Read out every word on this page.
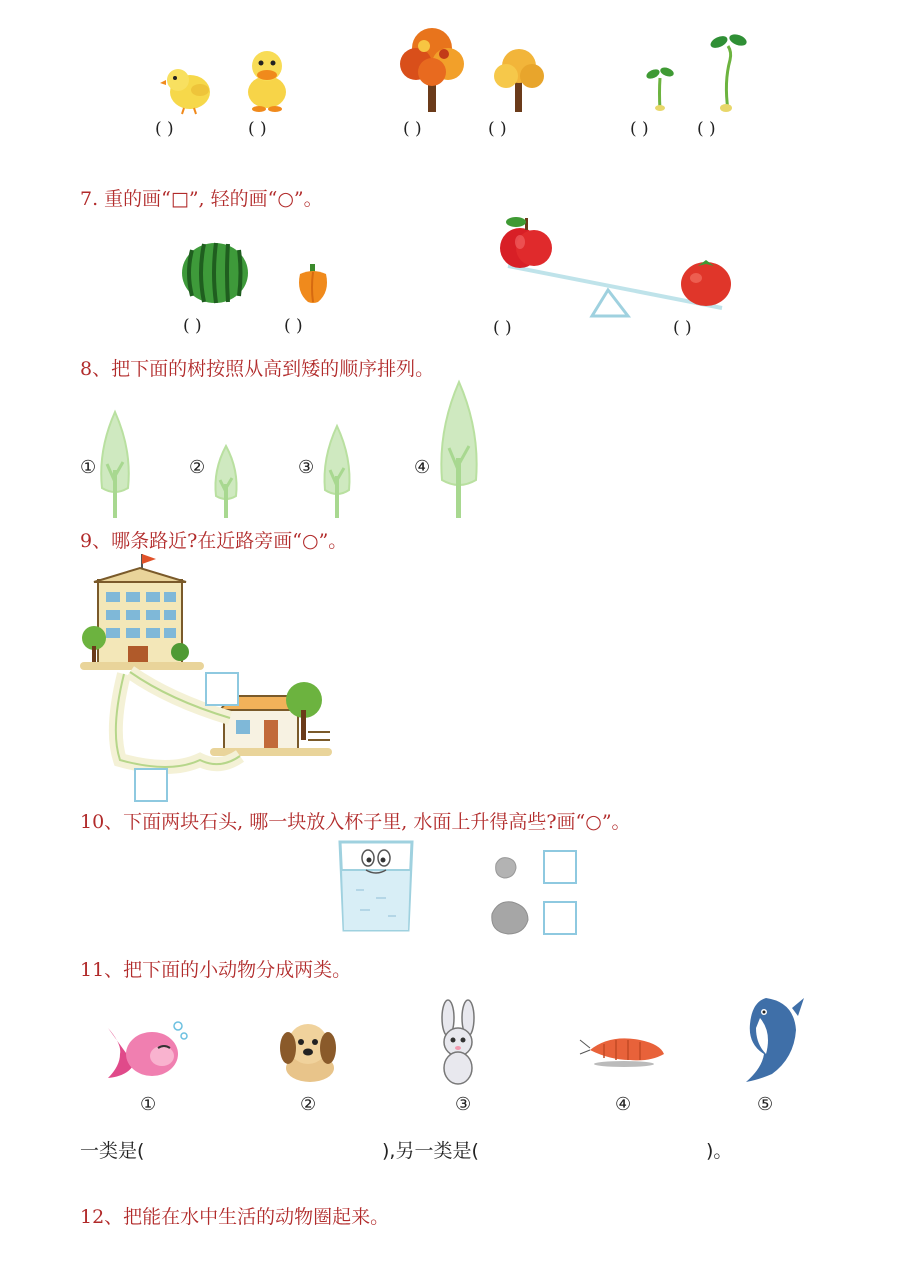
( )	( )	( )	( )	( )	( )
7. 重的画“□”, 轻的画“○”。
( )	( )	( )	( )
8、把下面的树按照从高到矮的顺序排列。
①	②	③	④
9、哪条路近?在近路旁画“○”。
10、下面两块石头, 哪一块放入杯子里, 水面上升得高些?画“○”。
11、把下面的小动物分成两类。
①	②	③	④	⑤
一类是(	),另一类是(	)。
12、把能在水中生活的动物圈起来。
